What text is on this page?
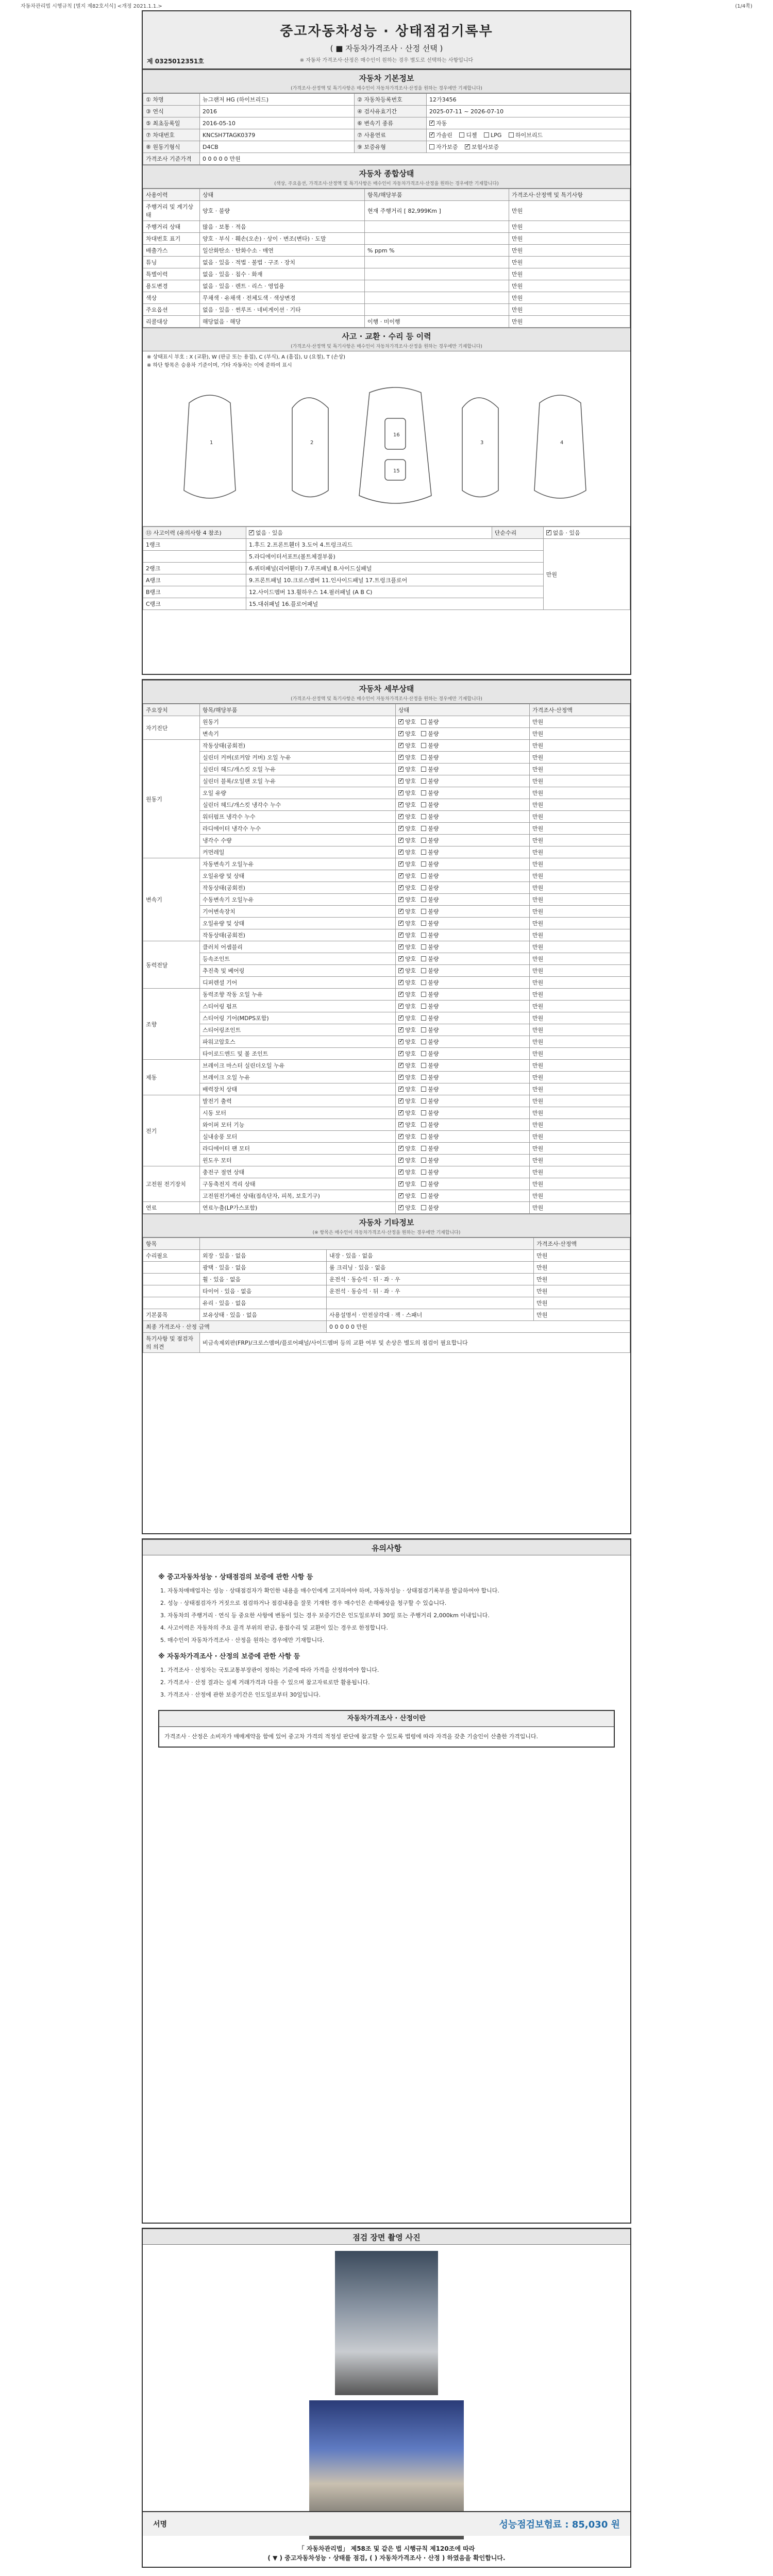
자동차관리법 시행규칙 [별지 제82호서식] <개정 2021.1.1.>	(1/4쪽)
중고자동차성능 · 상태점검기록부
( ■ 자동차가격조사 · 산정 선택 )
※ 자동차 가격조사·산정은 매수인이 원하는 경우 별도로 선택하는 사항입니다
제 0325012351호
자동차 기본정보
(가격조사·산정액 및 특기사항은 매수인이 자동차가격조사·산정을 원하는 경우에만 기재합니다)
① 차명	뉴그랜저 HG (하이브리드)	② 자동차등록번호	12가3456
③ 연식	2016	④ 검사유효기간	2025-07-11 ~ 2026-07-10
⑤ 최초등록일	2016-05-10	⑥ 변속기 종류	✓자동
⑦ 차대번호	KNCSH7TAGK0379	⑦ 사용연료	✓가솔린 디젤 LPG 하이브리드
⑧ 원동기형식	D4CB	⑨ 보증유형	자가보증 ✓ 보험사보증
가격조사 기준가격	0 0 0 0 0 만원		
자동차 종합상태
(색상, 주요옵션, 가격조사·산정액 및 특기사항은 매수인이 자동차가격조사·산정을 원하는 경우에만 기재합니다)
사용이력	상태	항목/해당부품	가격조사·산정액 및 특기사항
주행거리 및 계기상태	양호 · 불량	현재 주행거리 [ 82,999Km ]	만원
주행거리 상태	많음 · 보통 · 적음		만원
차대번호 표기	양호 · 부식 · 훼손(오손) · 상이 · 변조(변타) · 도말		만원
배출가스	일산화탄소 · 탄화수소 · 매연	% ppm %	만원
튜닝	없음 · 있음 · 적법 · 불법 · 구조 · 장치		만원
특별이력	없음 · 있음 · 침수 · 화재		만원
용도변경	없음 · 있음 · 렌트 · 리스 · 영업용		만원
색상	무채색 · 유채색 · 전체도색 · 색상변경		만원
주요옵션	없음 · 있음 · 썬루프 · 네비게이션 · 기타		만원
리콜대상	해당없음 · 해당	이행 · 미이행	만원
사고 · 교환 · 수리 등 이력
(가격조사·산정액 및 특기사항은 매수인이 자동차가격조사·산정을 원하는 경우에만 기재합니다)
※ 상태표시 부호 : X (교환), W (판금 또는 용접), C (부식), A (흠집), U (요철), T (손상)
※ 하단 항목은 승용차 기준이며, 기타 자동차는 이에 준하여 표시
16
15
1	2	3	4
⑬ 사고이력 (유의사항 4 참조)	✓없음 · 있음	단순수리	✓없음 · 있음
1랭크	1.후드 2.프론트휀더 3.도어 4.트렁크리드		만원
	5.라디에이터서포트(볼트체결부품)		
2랭크	6.쿼터패널(리어휀더) 7.루프패널 8.사이드실패널		
A랭크	9.프론트패널 10.크로스멤버 11.인사이드패널 17.트렁크플로어		
B랭크	12.사이드멤버 13.휠하우스 14.필러패널 (A B C)		
C랭크	15.대쉬패널 16.플로어패널		
자동차 세부상태
(가격조사·산정액 및 특기사항은 매수인이 자동차가격조사·산정을 원하는 경우에만 기재합니다)
주요장치	항목/해당부품	상태	가격조사·산정액
자기진단	원동기	✓양호 불량	만원
	변속기	✓양호 불량	만원
원동기	작동상태(공회전)	✓양호 불량	만원
	실린더 커버(로커암 커버) 오일 누유	✓양호 불량	만원
	실린더 헤드/개스킷 오일 누유	✓양호 불량	만원
	실린더 블록/오일팬 오일 누유	✓양호 불량	만원
	오일 유량	✓양호 불량	만원
	실린더 헤드/개스킷 냉각수 누수	✓양호 불량	만원
	워터펌프 냉각수 누수	✓양호 불량	만원
	라디에이터 냉각수 누수	✓양호 불량	만원
	냉각수 수량	✓양호 불량	만원
	커먼레일	✓양호 불량	만원
변속기	자동변속기 오일누유	✓양호 불량	만원
	오일유량 및 상태	✓양호 불량	만원
	작동상태(공회전)	✓양호 불량	만원
	수동변속기 오일누유	✓양호 불량	만원
	기어변속장치	✓양호 불량	만원
	오일유량 및 상태	✓양호 불량	만원
	작동상태(공회전)	✓양호 불량	만원
동력전달	클러치 어셈블리	✓양호 불량	만원
	등속조인트	✓양호 불량	만원
	추진축 및 베어링	✓양호 불량	만원
	디퍼렌셜 기어	✓양호 불량	만원
조향	동력조향 작동 오일 누유	✓양호 불량	만원
	스티어링 펌프	✓양호 불량	만원
	스티어링 기어(MDPS포함)	✓양호 불량	만원
	스티어링조인트	✓양호 불량	만원
	파워고압호스	✓양호 불량	만원
	타이로드엔드 및 볼 조인트	✓양호 불량	만원
제동	브레이크 마스터 실린더오일 누유	✓양호 불량	만원
	브레이크 오일 누유	✓양호 불량	만원
	배력장치 상태	✓양호 불량	만원
전기	발전기 출력	✓양호 불량	만원
	시동 모터	✓양호 불량	만원
	와이퍼 모터 기능	✓양호 불량	만원
	실내송풍 모터	✓양호 불량	만원
	라디에이터 팬 모터	✓양호 불량	만원
	윈도우 모터	✓양호 불량	만원
고전원 전기장치	충전구 절연 상태	✓양호 불량	만원
	구동축전지 격리 상태	✓양호 불량	만원
	고전원전기배선 상태(접속단자, 피복, 보호기구)	✓양호 불량	만원
연료	연료누출(LP가스포함)	✓양호 불량	만원
자동차 기타정보
(※ 항목은 매수인이 자동차가격조사·산정을 원하는 경우에만 기재합니다)
항목			가격조사·산정액
수리필요	외장 · 있음 · 없음	내장 · 있음 · 없음	만원
	광택 · 있음 · 없음	룸 크리닝 · 있음 · 없음	만원
	휠 · 있음 · 없음	운전석 · 동승석 · 뒤 · 좌 · 우	만원
	타이어 · 있음 · 없음	운전석 · 동승석 · 뒤 · 좌 · 우	만원
	유리 · 있음 · 없음		만원
기본품목	보유상태 · 있음 · 없음	사용설명서 · 안전삼각대 · 잭 · 스패너	만원
최종 가격조사 · 산정 금액		0 0 0 0 0 만원	
특기사항 및 점검자의 의견	비금속제외판(FRP)/크로스멤버/플로어패널/사이드멤버 등의 교환 여부 및 손상은 별도의 점검이 필요합니다		
유의사항
※ 중고자동차성능 · 상태점검의 보증에 관한 사항 등
1. 자동차매매업자는 성능 · 상태점검자가 확인한 내용을 매수인에게 고지하여야 하며, 자동차성능 · 상태점검기록부를 발급하여야 합니다.
2. 성능 · 상태점검자가 거짓으로 점검하거나 점검내용을 잘못 기재한 경우 매수인은 손해배상을 청구할 수 있습니다.
3. 자동차의 주행거리 · 연식 등 중요한 사항에 변동이 있는 경우 보증기간은 인도일로부터 30일 또는 주행거리 2,000km 이내입니다.
4. 사고이력은 자동차의 주요 골격 부위의 판금, 용접수리 및 교환이 있는 경우로 한정합니다.
5. 매수인이 자동차가격조사 · 산정을 원하는 경우에만 기재합니다.
※ 자동차가격조사 · 산정의 보증에 관한 사항 등
1. 가격조사 · 산정자는 국토교통부장관이 정하는 기준에 따라 가격을 산정하여야 합니다.
2. 가격조사 · 산정 결과는 실제 거래가격과 다를 수 있으며 참고자료로만 활용됩니다.
3. 가격조사 · 산정에 관한 보증기간은 인도일로부터 30일입니다.
자동차가격조사 · 산정이란
가격조사 · 산정은 소비자가 매매계약을 함에 있어 중고차 가격의 적정성 판단에 참고할 수 있도록 법령에 따라 자격을 갖춘 기술인이 산출한 가격입니다.
점검 장면 촬영 사진
서명	성능점검보험료 : 85,030 원
「 자동차관리법」 제58조 및 같은 법 시행규칙 제120조에 따라
( ▼ ) 중고자동차성능 · 상태를 점검, ( ) 자동차가격조사 · 산정 ) 하였음을 확인합니다.
